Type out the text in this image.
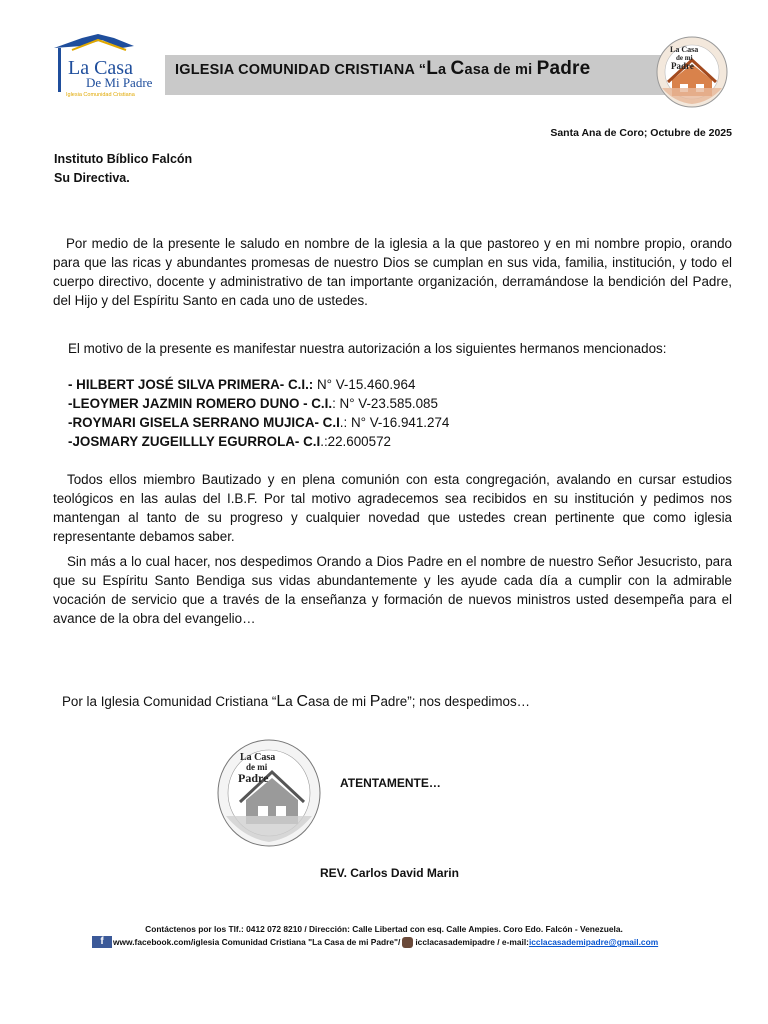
La Casa
De Mi Padre
Iglesia Comunidad Cristiana
IGLESIA COMUNIDAD CRISTIANA “La Casa de mi Padre
La Casa
de mi
Padre
Santa Ana de Coro; Octubre de 2025
Instituto Bíblico Falcón
Su Directiva.
Por medio de la presente le saludo en nombre de la iglesia a la que pastoreo y en mi nombre propio, orando para que las ricas y abundantes promesas de nuestro Dios se cumplan en sus vida, familia, institución, y todo el cuerpo directivo, docente y administrativo de tan importante organización, derramándose la bendición del Padre, del Hijo y del Espíritu Santo en cada uno de ustedes.
El motivo de la presente es manifestar nuestra autorización a los siguientes hermanos mencionados:
- HILBERT JOSÉ SILVA PRIMERA- C.I.: N° V-15.460.964
-LEOYMER JAZMIN ROMERO DUNO - C.I.: N° V-23.585.085
-ROYMARI GISELA SERRANO MUJICA- C.I.: N° V-16.941.274
-JOSMARY ZUGEILLLY EGURROLA- C.I.:22.600572
Todos ellos miembro Bautizado y en plena comunión con esta congregación, avalando en cursar estudios teológicos en las aulas del I.B.F. Por tal motivo agradecemos sea recibidos en su institución y pedimos nos mantengan al tanto de su progreso y cualquier novedad que ustedes crean pertinente que como iglesia representante debamos saber.
Sin más a lo cual hacer, nos despedimos Orando a Dios Padre en el nombre de nuestro Señor Jesucristo, para que su Espíritu Santo Bendiga sus vidas abundantemente y les ayude cada día a cumplir con la admirable vocación de servicio que a través de la enseñanza y formación de nuevos ministros usted desempeña para el avance de la obra del evangelio…
Por la Iglesia Comunidad Cristiana “La Casa de mi Padre”; nos despedimos…
La Casa
de mi
Padre	ATENTAMENTE…
REV. Carlos David Marin
Contáctenos por los Tlf.: 0412 072 8210 / Dirección: Calle Libertad con esq. Calle Ampies. Coro Edo. Falcón - Venezuela.
f	www.facebook.com/iglesia Comunidad Cristiana "La Casa de mi Padre"/ icclacasademipadre / e-mail: icclacasademipadre@gmail.com
